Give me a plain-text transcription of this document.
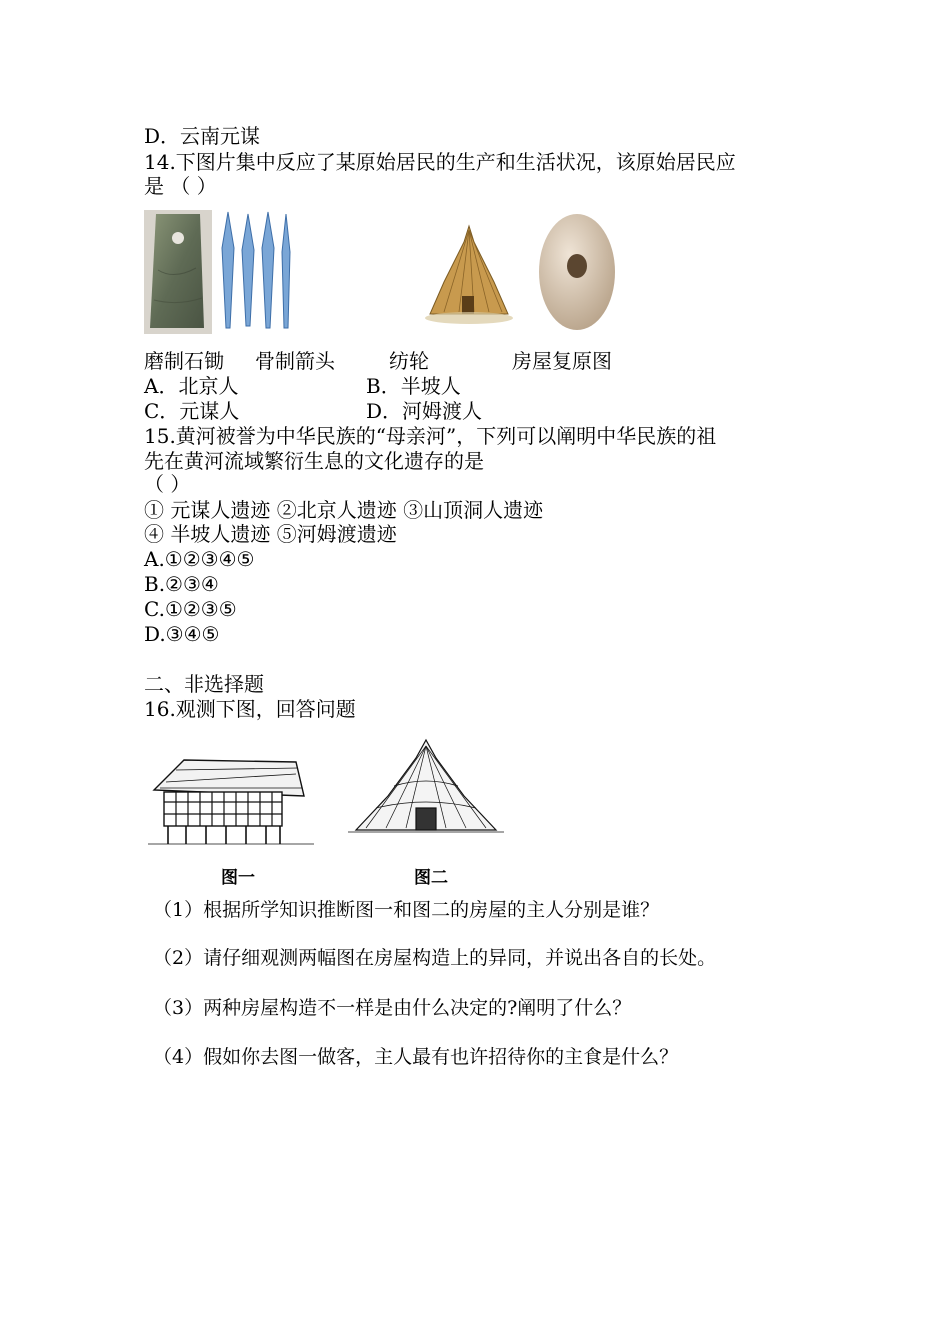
D．云南元谋
14.下图片集中反应了某原始居民的生产和生活状况，该原始居民应
是 （ ）
磨制石锄 骨制箭头	纺轮	房屋复原图
A．北京人	B．半坡人
C．元谋人	D．河姆渡人
15.黄河被誉为中华民族的“母亲河”，下列可以阐明中华民族的祖
先在黄河流域繁衍生息的文化遗存的是
（ ）
① 元谋人遗迹 ②北京人遗迹 ③山顶洞人遗迹
④ 半坡人遗迹 ⑤河姆渡遗迹
A.①②③④⑤
B.②③④
C.①②③⑤
D.③④⑤
二、非选择题
16.观测下图，回答问题
图一	图二
（1）根据所学知识推断图一和图二的房屋的主人分别是谁？
（2）请仔细观测两幅图在房屋构造上的异同，并说出各自的长处。
（3）两种房屋构造不一样是由什么决定的?阐明了什么？
（4）假如你去图一做客，主人最有也许招待你的主食是什么？
